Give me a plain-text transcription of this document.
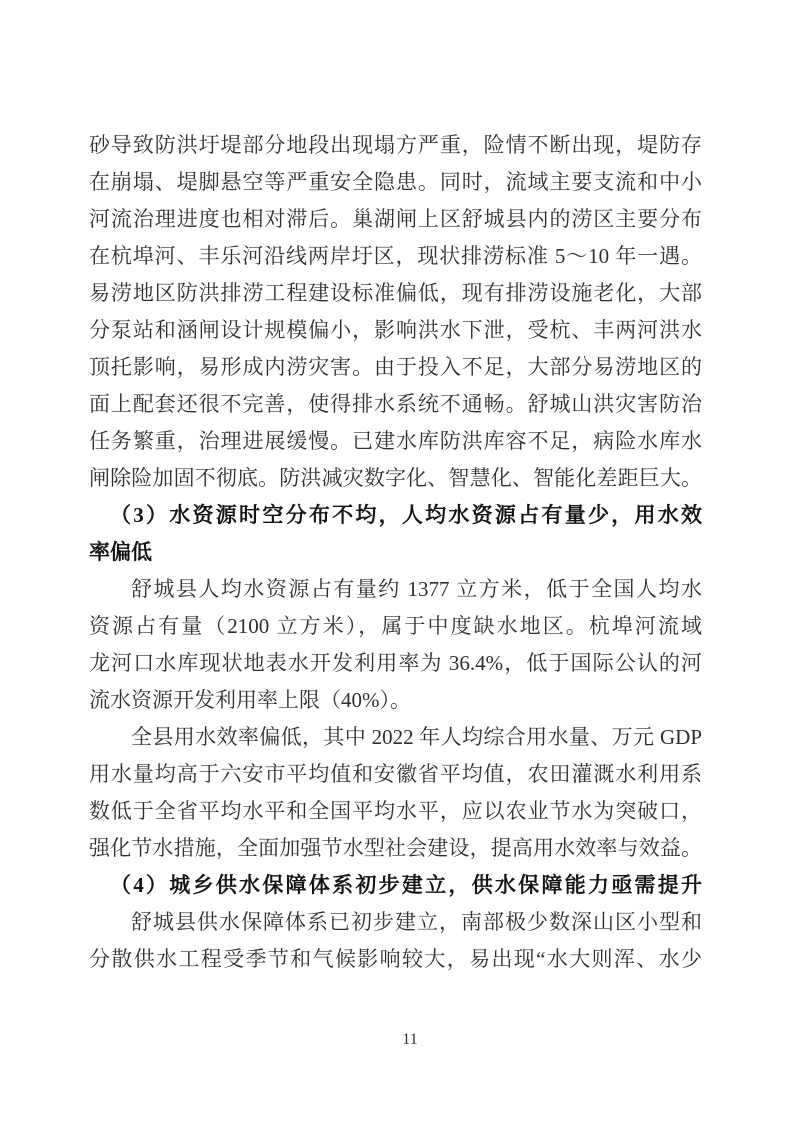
砂导致防洪圩堤部分地段出现塌方严重，险情不断出现，堤防存
在崩塌、堤脚悬空等严重安全隐患。同时，流域主要支流和中小
河流治理进度也相对滞后。巢湖闸上区舒城县内的涝区主要分布
在杭埠河、丰乐河沿线两岸圩区，现状排涝标准 5～10 年一遇。
易涝地区防洪排涝工程建设标准偏低，现有排涝设施老化，大部
分泵站和涵闸设计规模偏小，影响洪水下泄，受杭、丰两河洪水
顶托影响，易形成内涝灾害。由于投入不足，大部分易涝地区的
面上配套还很不完善，使得排水系统不通畅。舒城山洪灾害防治
任务繁重，治理进展缓慢。已建水库防洪库容不足，病险水库水
闸除险加固不彻底。防洪减灾数字化、智慧化、智能化差距巨大。
（3）水资源时空分布不均，人均水资源占有量少，用水效
率偏低
舒城县人均水资源占有量约 1377 立方米，低于全国人均水
资源占有量（2100 立方米），属于中度缺水地区。杭埠河流域
龙河口水库现状地表水开发利用率为 36.4%，低于国际公认的河
流水资源开发利用率上限（40%）。
全县用水效率偏低，其中 2022 年人均综合用水量、万元 GDP
用水量均高于六安市平均值和安徽省平均值，农田灌溉水利用系
数低于全省平均水平和全国平均水平，应以农业节水为突破口，
强化节水措施，全面加强节水型社会建设，提高用水效率与效益。
（4）城乡供水保障体系初步建立，供水保障能力亟需提升
舒城县供水保障体系已初步建立，南部极少数深山区小型和
分散供水工程受季节和气候影响较大，易出现“水大则浑、水少
11
